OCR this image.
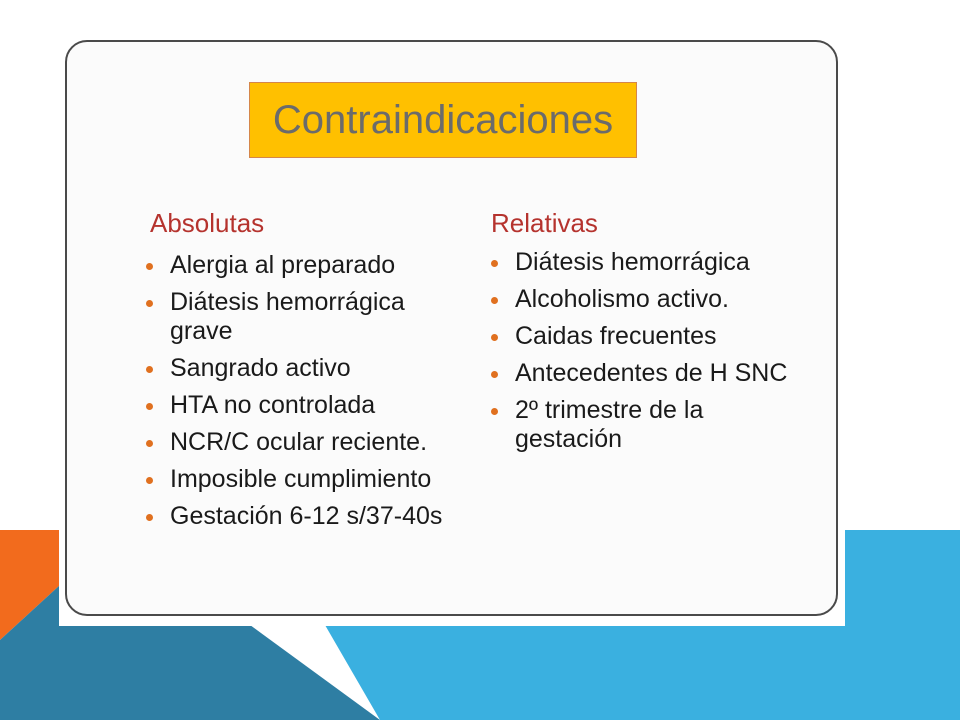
Contraindicaciones
Absolutas	Relativas
Alergia al preparado
Diátesis hemorrágica grave
Sangrado activo
HTA no controlada
NCR/C ocular reciente.
Imposible cumplimiento
Gestación 6-12 s/37-40s
Diátesis hemorrágica
Alcoholismo activo.
Caidas frecuentes
Antecedentes de H SNC
2º trimestre de la gestación
